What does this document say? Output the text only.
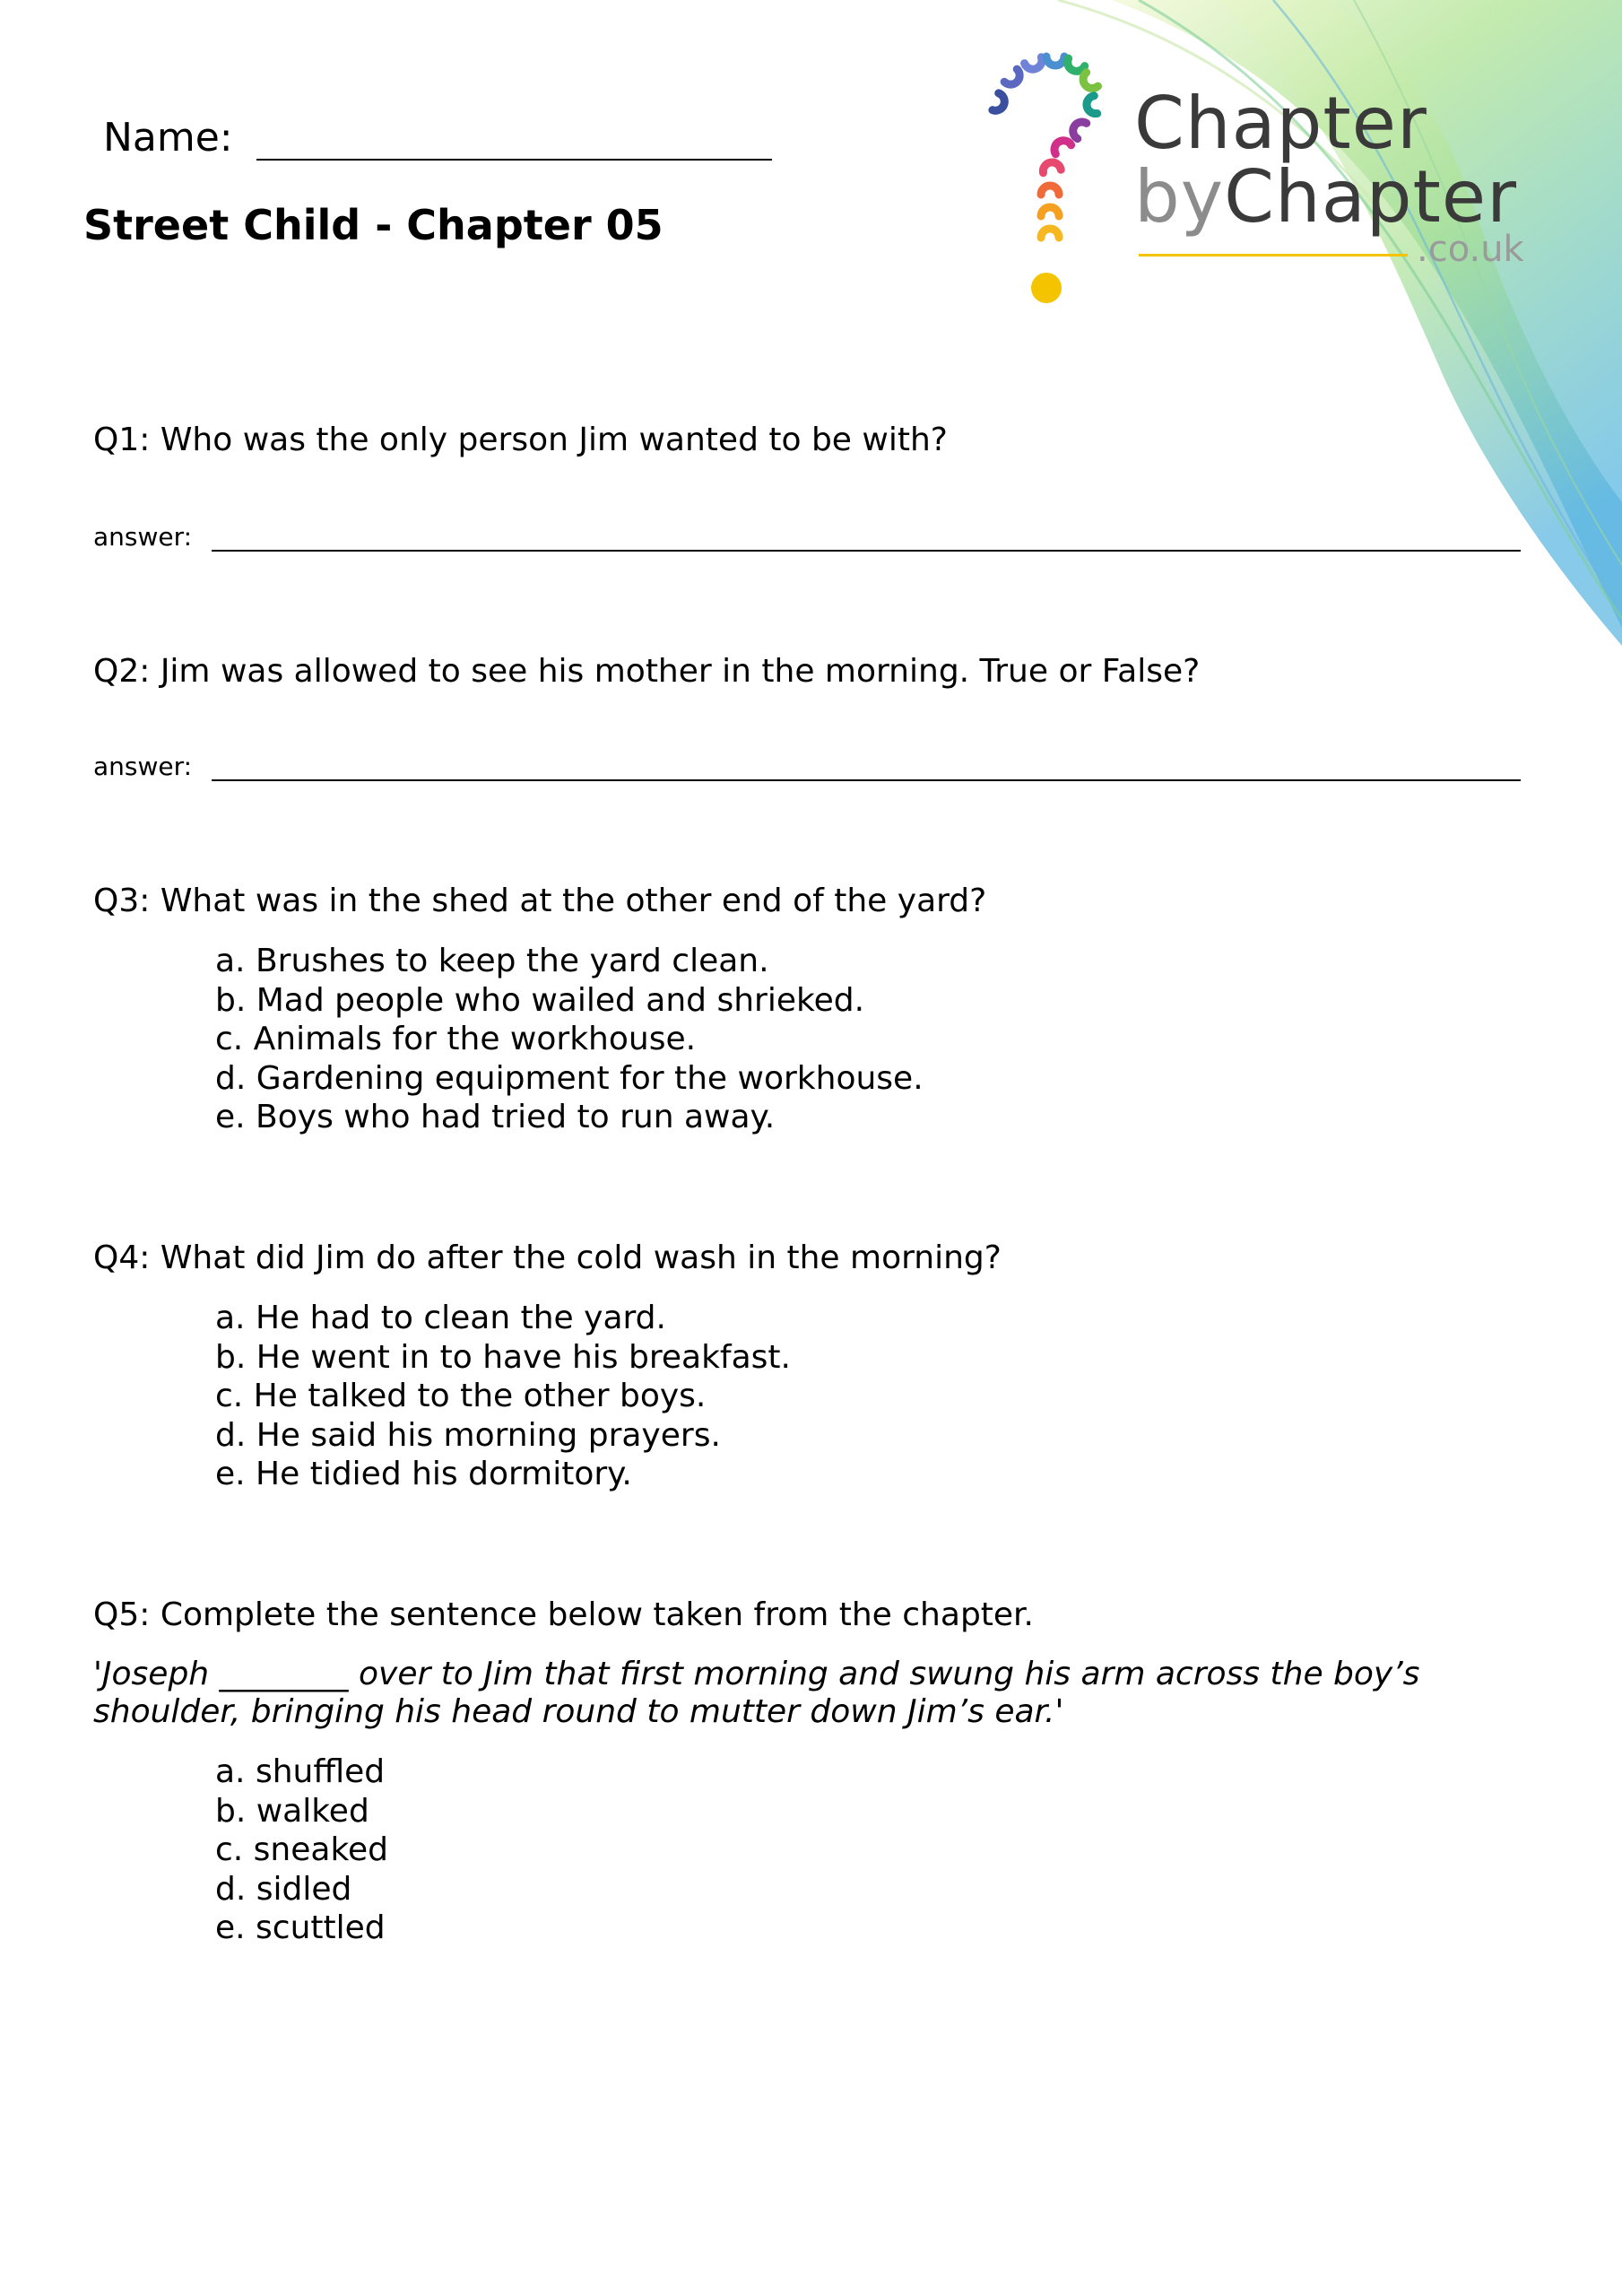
Chapter
byChapter
.co.uk
Name:
Street Child - Chapter 05
Q1: Who was the only person Jim wanted to be with?
answer:
Q2: Jim was allowed to see his mother in the morning. True or False?
answer:
Q3: What was in the shed at the other end of the yard?
a. Brushes to keep the yard clean.
b. Mad people who wailed and shrieked.
c. Animals for the workhouse.
d. Gardening equipment for the workhouse.
e. Boys who had tried to run away.
Q4: What did Jim do after the cold wash in the morning?
a. He had to clean the yard.
b. He went in to have his breakfast.
c. He talked to the other boys.
d. He said his morning prayers.
e. He tidied his dormitory.
Q5: Complete the sentence below taken from the chapter.
'Joseph ________ over to Jim that first morning and swung his arm across the boy’s
shoulder, bringing his head round to mutter down Jim’s ear.'
a. shuffled
b. walked
c. sneaked
d. sidled
e. scuttled
